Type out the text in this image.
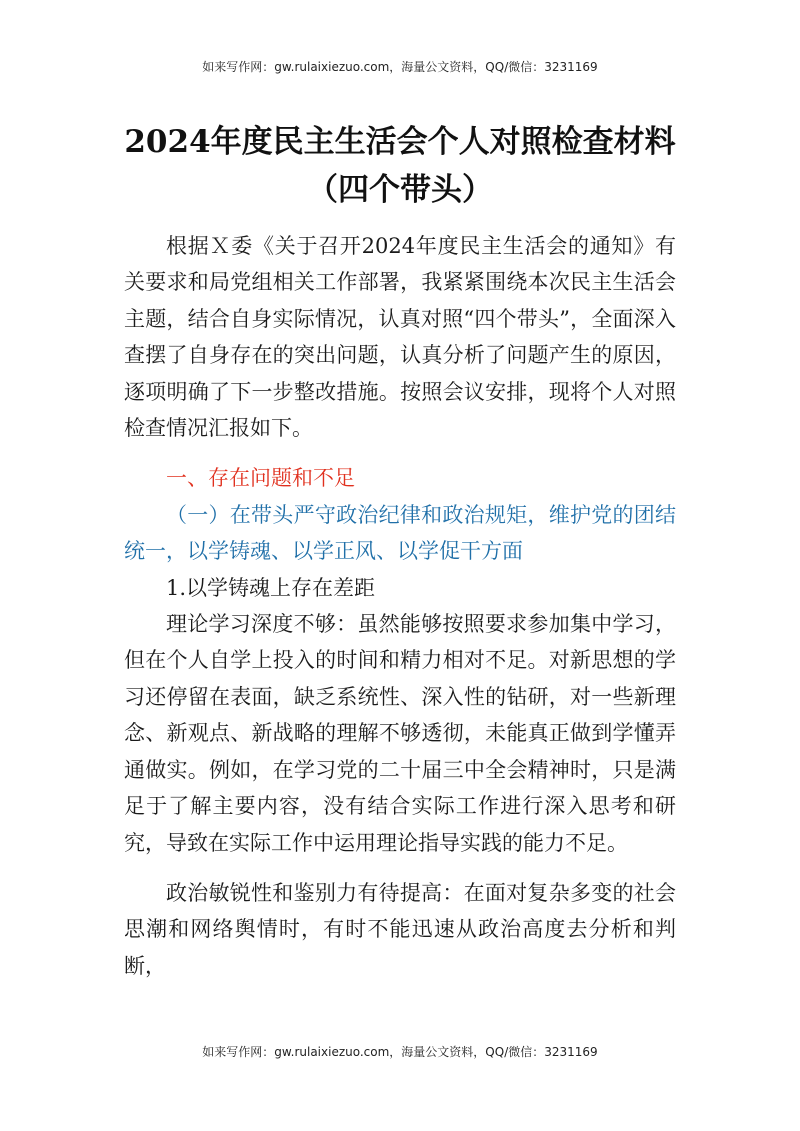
如来写作网：gw.rulaixiezuo.com，海量公文资料，QQ/微信：3231169
2024年度民主生活会个人对照检查材料（四个带头）

根据Ｘ委《关于召开2024年度民主生活会的通知》有关要求和局党组相关工作部署，我紧紧围绕本次民主生活会主题，结合自身实际情况，认真对照“四个带头”，全面深入查摆了自身存在的突出问题，认真分析了问题产生的原因，逐项明确了下一步整改措施。按照会议安排，现将个人对照检查情况汇报如下。

一、存在问题和不足

（一）在带头严守政治纪律和政治规矩，维护党的团结统一，以学铸魂、以学正风、以学促干方面

1.以学铸魂上存在差距

理论学习深度不够：虽然能够按照要求参加集中学习，但在个人自学上投入的时间和精力相对不足。对新思想的学习还停留在表面，缺乏系统性、深入性的钻研，对一些新理念、新观点、新战略的理解不够透彻，未能真正做到学懂弄通做实。例如，在学习党的二十届三中全会精神时，只是满足于了解主要内容，没有结合实际工作进行深入思考和研究，导致在实际工作中运用理论指导实践的能力不足。

政治敏锐性和鉴别力有待提高：在面对复杂多变的社会思潮和网络舆情时，有时不能迅速从政治高度去分析和判断，

如来写作网：gw.rulaixiezuo.com，海量公文资料，QQ/微信：3231169
